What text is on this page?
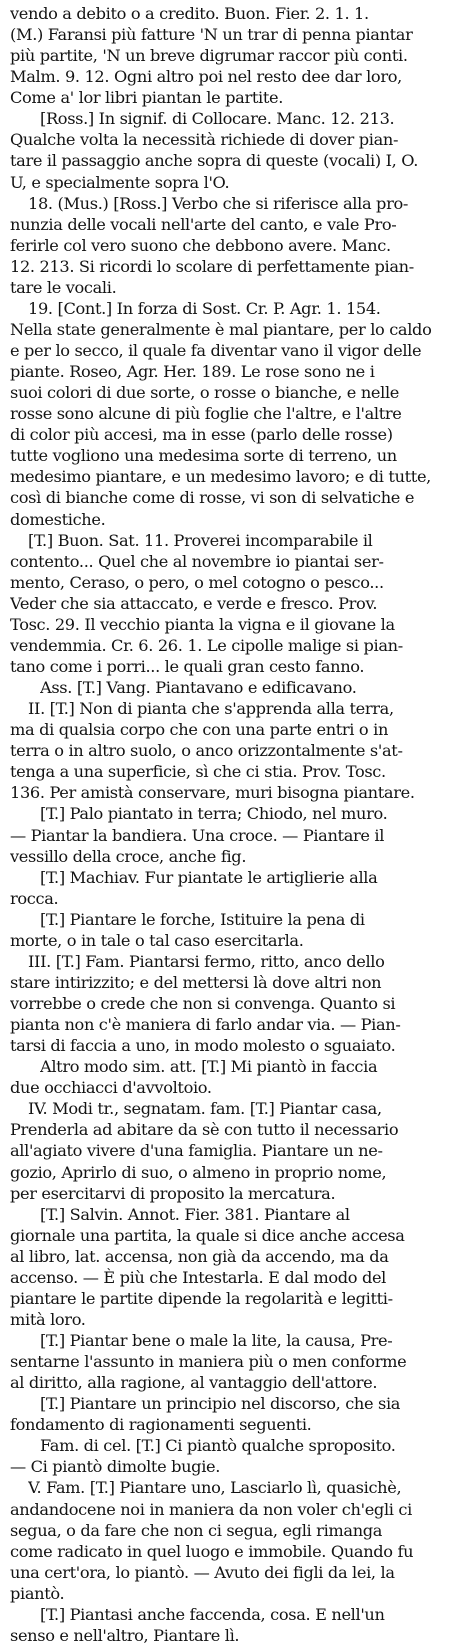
vendo a debito o a credito. Buon. Fier. 2. 1. 1.
(M.) Faransi più fatture 'N un trar di penna piantar
più partite, 'N un breve digrumar raccor più conti.
Malm. 9. 12. Ogni altro poi nel resto dee dar loro,
Come a' lor libri piantan le partite.
[Ross.] In signif. di Collocare. Manc. 12. 213.
Qualche volta la necessità richiede di dover pian-
tare il passaggio anche sopra di queste (vocali) I, O.
U, e specialmente sopra l'O.
18. (Mus.) [Ross.] Verbo che si riferisce alla pro-
nunzia delle vocali nell'arte del canto, e vale Pro-
ferirle col vero suono che debbono avere. Manc.
12. 213. Si ricordi lo scolare di perfettamente pian-
tare le vocali.
19. [Cont.] In forza di Sost. Cr. P. Agr. 1. 154.
Nella state generalmente è mal piantare, per lo caldo
e per lo secco, il quale fa diventar vano il vigor delle
piante. Roseo, Agr. Her. 189. Le rose sono ne i
suoi colori di due sorte, o rosse o bianche, e nelle
rosse sono alcune di più foglie che l'altre, e l'altre
di color più accesi, ma in esse (parlo delle rosse)
tutte vogliono una medesima sorte di terreno, un
medesimo piantare, e un medesimo lavoro; e di tutte,
così di bianche come di rosse, vi son di selvatiche e
domestiche.
[T.] Buon. Sat. 11. Proverei incomparabile il
contento... Quel che al novembre io piantai ser-
mento, Ceraso, o pero, o mel cotogno o pesco...
Veder che sia attaccato, e verde e fresco. Prov.
Tosc. 29. Il vecchio pianta la vigna e il giovane la
vendemmia. Cr. 6. 26. 1. Le cipolle malige si pian-
tano come i porri... le quali gran cesto fanno.
Ass. [T.] Vang. Piantavano e edificavano.
II. [T.] Non di pianta che s'apprenda alla terra,
ma di qualsia corpo che con una parte entri o in
terra o in altro suolo, o anco orizzontalmente s'at-
tenga a una superficie, sì che ci stia. Prov. Tosc.
136. Per amistà conservare, muri bisogna piantare.
[T.] Palo piantato in terra; Chiodo, nel muro.
— Piantar la bandiera. Una croce. — Piantare il
vessillo della croce, anche fig.
[T.] Machiav. Fur piantate le artiglierie alla
rocca.
[T.] Piantare le forche, Istituire la pena di
morte, o in tale o tal caso esercitarla.
III. [T.] Fam. Piantarsi fermo, ritto, anco dello
stare intirizzito; e del mettersi là dove altri non
vorrebbe o crede che non si convenga. Quanto si
pianta non c'è maniera di farlo andar via. — Pian-
tarsi di faccia a uno, in modo molesto o sguaiato.
Altro modo sim. att. [T.] Mi piantò in faccia
due occhiacci d'avvoltoio.
IV. Modi tr., segnatam. fam. [T.] Piantar casa,
Prenderla ad abitare da sè con tutto il necessario
all'agiato vivere d'una famiglia. Piantare un ne-
gozio, Aprirlo di suo, o almeno in proprio nome,
per esercitarvi di proposito la mercatura.
[T.] Salvin. Annot. Fier. 381. Piantare al
giornale una partita, la quale si dice anche accesa
al libro, lat. accensa, non già da accendo, ma da
accenso. — È più che Intestarla. E dal modo del
piantare le partite dipende la regolarità e legitti-
mità loro.
[T.] Piantar bene o male la lite, la causa, Pre-
sentarne l'assunto in maniera più o men conforme
al diritto, alla ragione, al vantaggio dell'attore.
[T.] Piantare un principio nel discorso, che sia
fondamento di ragionamenti seguenti.
Fam. di cel. [T.] Ci piantò qualche sproposito.
— Ci piantò dimolte bugie.
V. Fam. [T.] Piantare uno, Lasciarlo lì, quasichè,
andandocene noi in maniera da non voler ch'egli ci
segua, o da fare che non ci segua, egli rimanga
come radicato in quel luogo e immobile. Quando fu
una cert'ora, lo piantò. — Avuto dei figli da lei, la
piantò.
[T.] Piantasi anche faccenda, cosa. E nell'un
senso e nell'altro, Piantare lì.
